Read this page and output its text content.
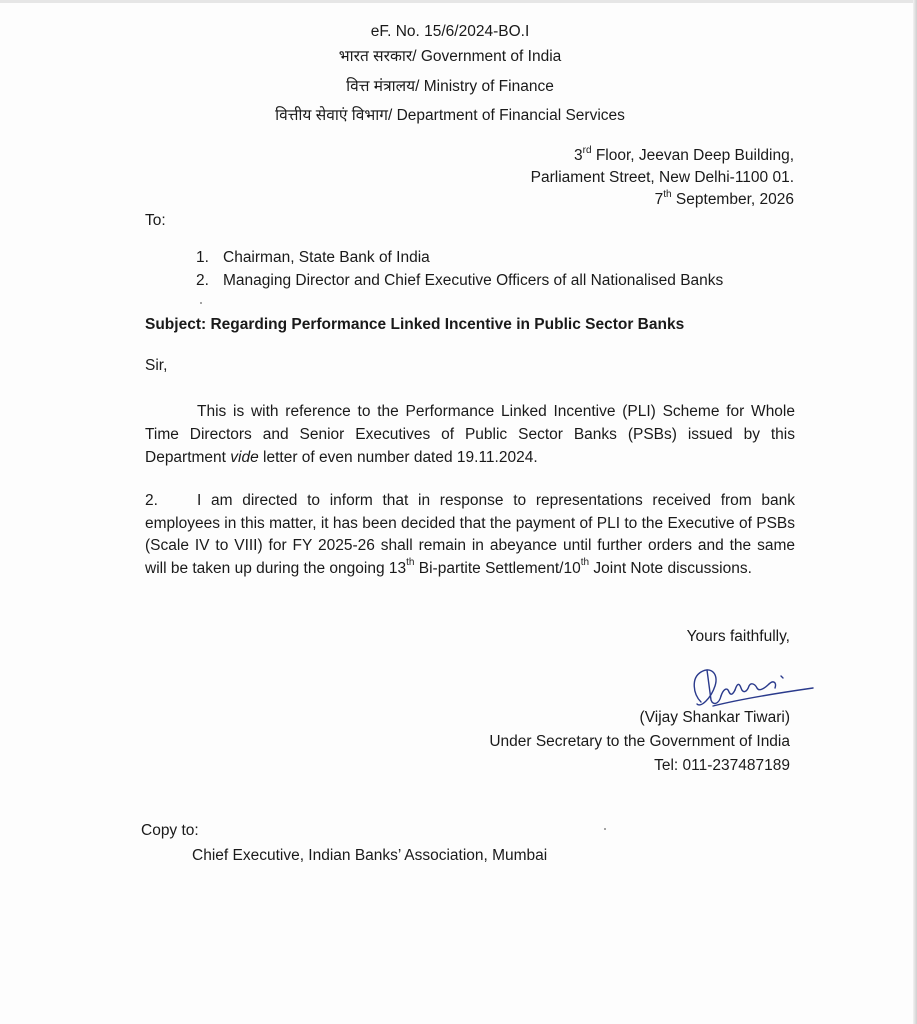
eF. No. 15/6/2024-BO.I
भारत सरकार/ Government of India
वित्त मंत्रालय/ Ministry of Finance
वित्तीय सेवाएं विभाग/ Department of Financial Services
3rd Floor, Jeevan Deep Building,
Parliament Street, New Delhi-1100 01.
7th September, 2026
To:
1. Chairman, State Bank of India
2. Managing Director and Chief Executive Officers of all Nationalised Banks
Subject: Regarding Performance Linked Incentive in Public Sector Banks
Sir,

This is with reference to the Performance Linked Incentive (PLI) Scheme for Whole Time Directors and Senior Executives of Public Sector Banks (PSBs) issued by this Department vide letter of even number dated 19.11.2024.

2.	I am directed to inform that in response to representations received from bank employees in this matter, it has been decided that the payment of PLI to the Executive of PSBs (Scale IV to VIII) for FY 2025-26 shall remain in abeyance until further orders and the same will be taken up during the ongoing 13th Bi-partite Settlement/10th Joint Note discussions.

Yours faithfully,
(Vijay Shankar Tiwari)
Under Secretary to the Government of India
Tel: 011-237487189
Copy to:
Chief Executive, Indian Banks’ Association, Mumbai
